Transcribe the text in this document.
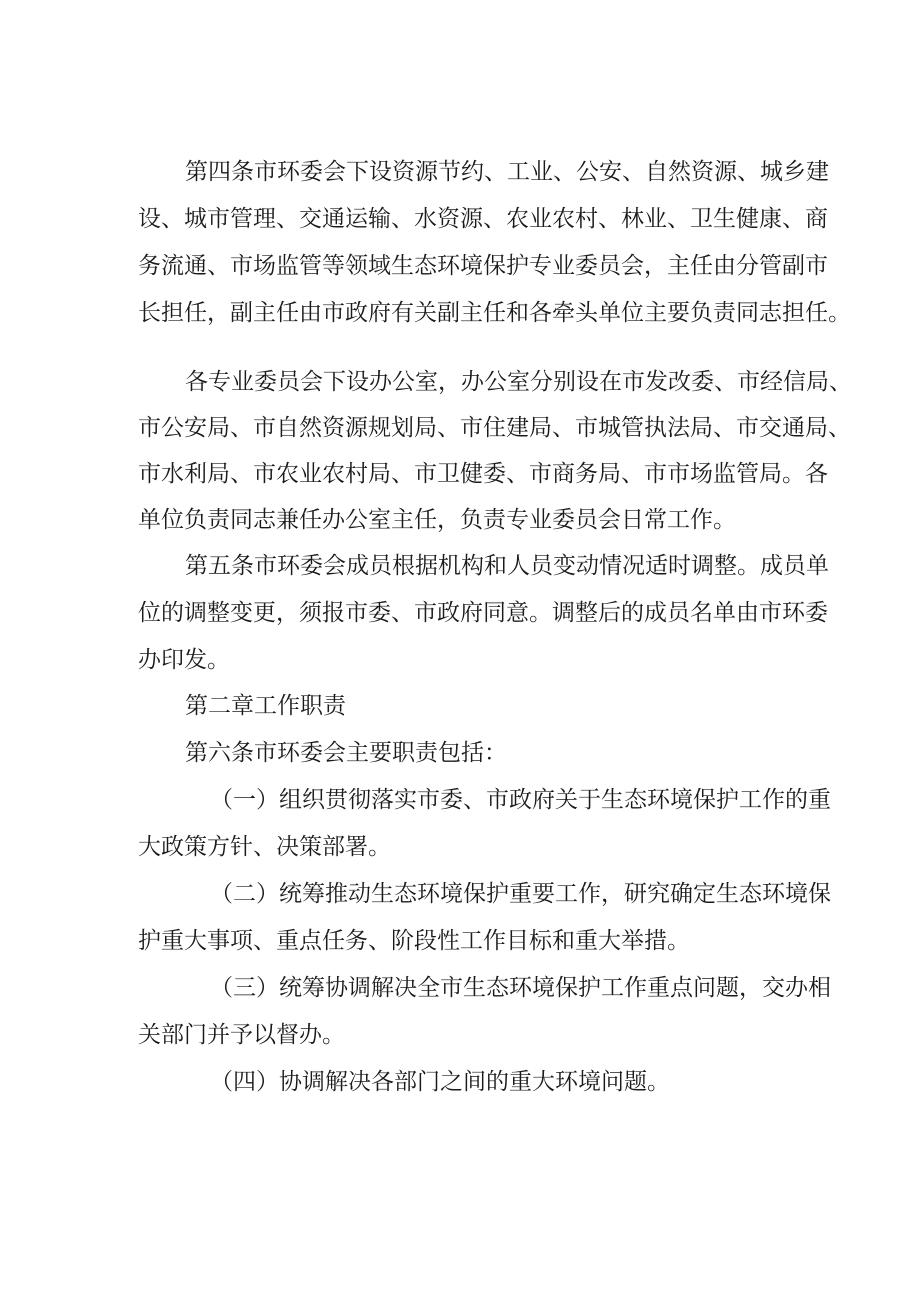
第四条市环委会下设资源节约、工业、公安、自然资源、城乡建
设、城市管理、交通运输、水资源、农业农村、林业、卫生健康、商
务流通、市场监管等领域生态环境保护专业委员会，主任由分管副市
长担任，副主任由市政府有关副主任和各牵头单位主要负责同志担任。
各专业委员会下设办公室，办公室分别设在市发改委、市经信局、
市公安局、市自然资源规划局、市住建局、市城管执法局、市交通局、
市水利局、市农业农村局、市卫健委、市商务局、市市场监管局。各
单位负责同志兼任办公室主任，负责专业委员会日常工作。
第五条市环委会成员根据机构和人员变动情况适时调整。成员单
位的调整变更，须报市委、市政府同意。调整后的成员名单由市环委
办印发。
第二章工作职责
第六条市环委会主要职责包括：
（一）组织贯彻落实市委、市政府关于生态环境保护工作的重
大政策方针、决策部署。
（二）统筹推动生态环境保护重要工作，研究确定生态环境保
护重大事项、重点任务、阶段性工作目标和重大举措。
（三）统筹协调解决全市生态环境保护工作重点问题，交办相
关部门并予以督办。
（四）协调解决各部门之间的重大环境问题。
